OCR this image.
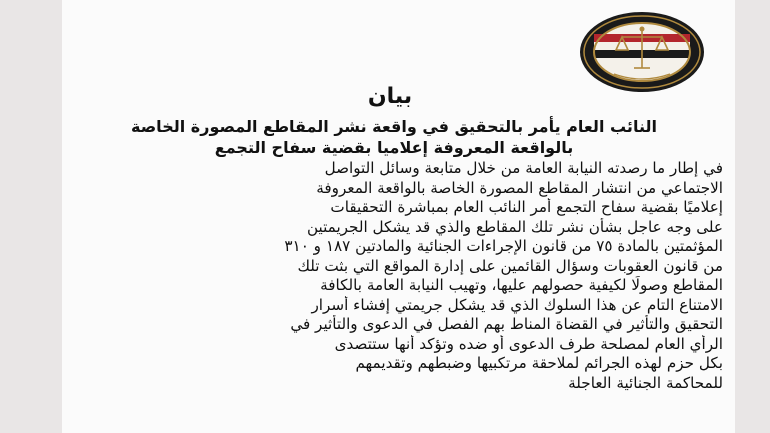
بيان
النائب العام يأمر بالتحقيق في واقعة نشر المقاطع المصورة الخاصة
بالواقعة المعروفة إعلاميا بقضية سفاح التجمع
في إطار ما رصدته النيابة العامة من خلال متابعة وسائل التواصل
الاجتماعي من انتشار المقاطع المصورة الخاصة بالواقعة المعروفة
إعلاميًا بقضية سفاح التجمع أمر النائب العام بمباشرة التحقيقات
على وجه عاجل بشأن نشر تلك المقاطع والذي قد يشكل الجريمتين
المؤثمتين بالمادة ٧٥ من قانون الإجراءات الجنائية والمادتين ١٨٧ و ٣١٠
من قانون العقوبات وسؤال القائمين على إدارة المواقع التي بثت تلك
المقاطع وصولًا لكيفية حصولهم عليها، وتهيب النيابة العامة بالكافة
الامتناع التام عن هذا السلوك الذي قد يشكل جريمتي إفشاء أسرار
التحقيق والتأثير في القضاة المناط بهم الفصل في الدعوى والتأثير في
الرأي العام لمصلحة طرف الدعوى أو ضده وتؤكد أنها ستتصدى
بكل حزم لهذه الجرائم لملاحقة مرتكبيها وضبطهم وتقديمهم
للمحاكمة الجنائية العاجلة
